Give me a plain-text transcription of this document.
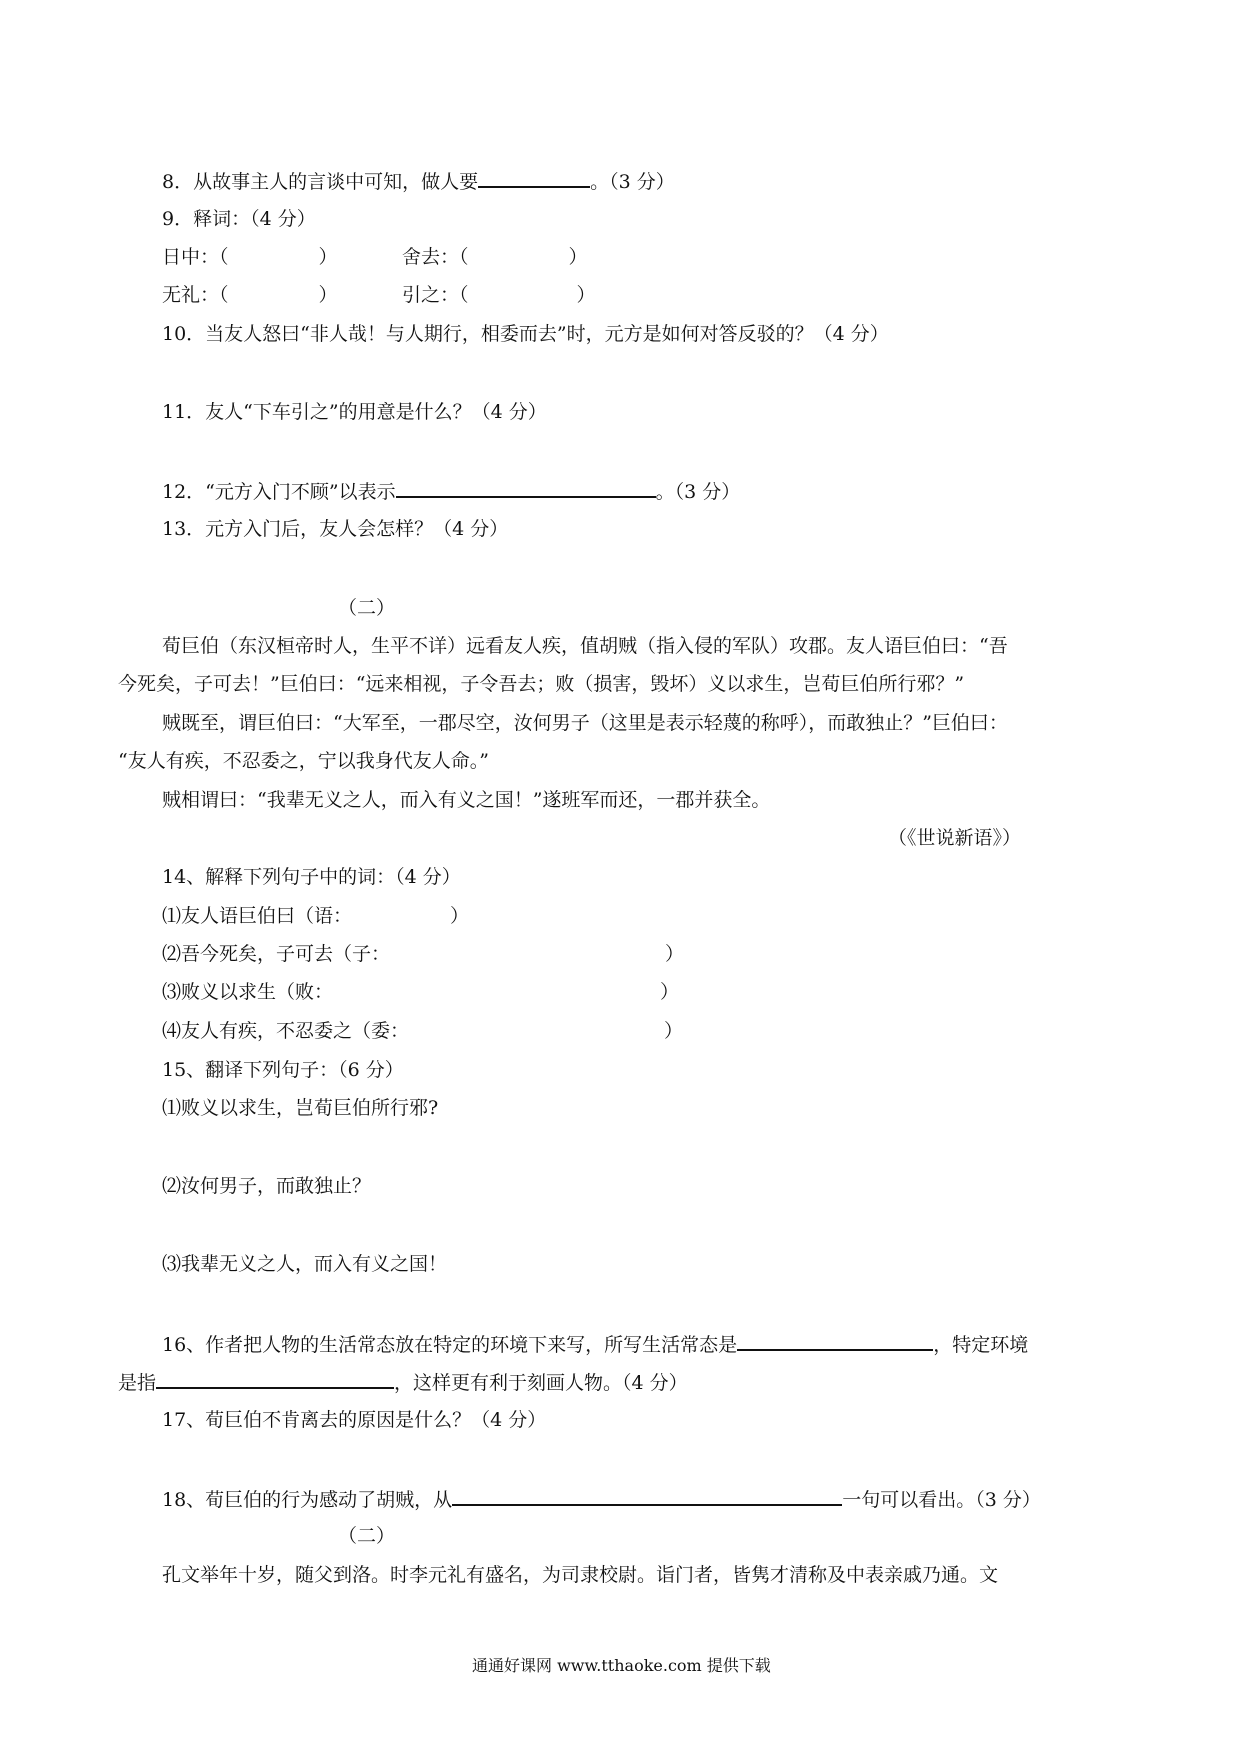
8．从故事主人的言谈中可知，做人要	。（3 分）
9．释词：（4 分）
日中：（	）	舍去：（	）
无礼：（	）	引之：（	）
10．当友人怒曰“非人哉！与人期行，相委而去”时，元方是如何对答反驳的？（4 分）
11．友人“下车引之”的用意是什么？（4 分）
12．“元方入门不顾”以表示	。（3 分）
13．元方入门后，友人会怎样？（4 分）
（二）
荀巨伯（东汉桓帝时人，生平不详）远看友人疾，值胡贼（指入侵的军队）攻郡。友人语巨伯曰：“吾
今死矣，子可去！”巨伯曰：“远来相视，子令吾去；败（损害，毁坏）义以求生，岂荀巨伯所行邪？”
贼既至，谓巨伯曰：“大军至，一郡尽空，汝何男子（这里是表示轻蔑的称呼），而敢独止？”巨伯曰：
“友人有疾，不忍委之，宁以我身代友人命。”
贼相谓曰：“我辈无义之人，而入有义之国！”遂班军而还，一郡并获全。
（《世说新语》）
14、解释下列句子中的词：（4 分）
⑴友人语巨伯曰（语：	）
⑵吾今死矣，子可去（子：	）
⑶败义以求生（败：	）
⑷友人有疾，不忍委之（委：	）
15、翻译下列句子：（6 分）
⑴败义以求生，岂荀巨伯所行邪?
⑵汝何男子，而敢独止？
⑶我辈无义之人，而入有义之国！
16、作者把人物的生活常态放在特定的环境下来写，所写生活常态是	，特定环境
是指	，这样更有利于刻画人物。（4 分）
17、荀巨伯不肯离去的原因是什么？（4 分）
18、荀巨伯的行为感动了胡贼，从	一句可以看出。（3 分）
（二）
孔文举年十岁，随父到洛。时李元礼有盛名，为司隶校尉。诣门者，皆隽才清称及中表亲戚乃通。文
通通好课网 www.tthaoke.com 提供下载
